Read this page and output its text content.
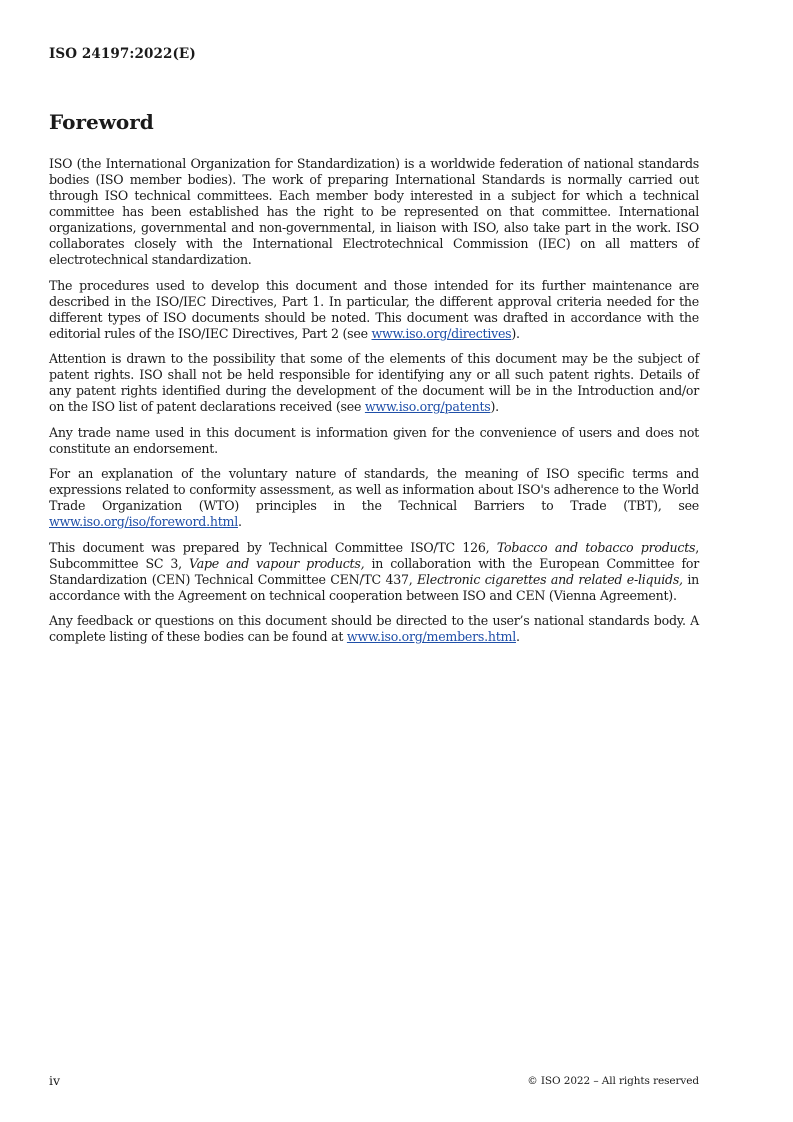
ISO 24197:2022(E)
Foreword

ISO (the International Organization for Standardization) is a worldwide federation of national standards bodies (ISO member bodies). The work of preparing International Standards is normally carried out through ISO technical committees. Each member body interested in a subject for which a technical committee has been established has the right to be represented on that committee. International organizations, governmental and non-governmental, in liaison with ISO, also take part in the work. ISO collaborates closely with the International Electrotechnical Commission (IEC) on all matters of electrotechnical standardization.

The procedures used to develop this document and those intended for its further maintenance are described in the ISO/IEC Directives, Part 1. In particular, the different approval criteria needed for the different types of ISO documents should be noted. This document was drafted in accordance with the editorial rules of the ISO/IEC Directives, Part 2 (see www.iso.org/directives).

Attention is drawn to the possibility that some of the elements of this document may be the subject of patent rights. ISO shall not be held responsible for identifying any or all such patent rights. Details of any patent rights identified during the development of the document will be in the Introduction and/or on the ISO list of patent declarations received (see www.iso.org/patents).

Any trade name used in this document is information given for the convenience of users and does not constitute an endorsement.

For an explanation of the voluntary nature of standards, the meaning of ISO specific terms and expressions related to conformity assessment, as well as information about ISO's adherence to the World Trade Organization (WTO) principles in the Technical Barriers to Trade (TBT), see www.iso.org/iso/foreword.html.

This document was prepared by Technical Committee ISO/TC 126, Tobacco and tobacco products, Subcommittee SC 3, Vape and vapour products, in collaboration with the European Committee for Standardization (CEN) Technical Committee CEN/TC 437, Electronic cigarettes and related e-liquids, in accordance with the Agreement on technical cooperation between ISO and CEN (Vienna Agreement).

Any feedback or questions on this document should be directed to the user’s national standards body. A complete listing of these bodies can be found at www.iso.org/members.html.

iv	© ISO 2022 – All rights reserved
